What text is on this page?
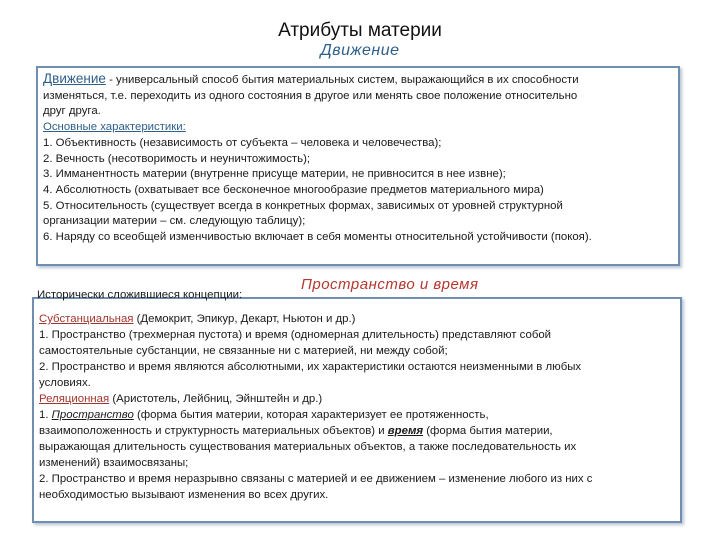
Атрибуты материи
Движение
Движение - универсальный способ бытия материальных систем, выражающийся в их способности
изменяться, т.е. переходить из одного состояния в другое или менять свое положение относительно
друг друга.
Основные характеристики:
1. Объективность (независимость от субъекта – человека и человечества);
2. Вечность (несотворимость и неуничтожимость);
3. Имманентность материи (внутренне присуще материи, не привносится в нее извне);
4. Абсолютность (охватывает все бесконечное многообразие предметов материального мира)
5. Относительность (существует всегда в конкретных формах, зависимых от уровней структурной
организации материи – см. следующую таблицу);
6. Наряду со всеобщей изменчивостью включает в себя моменты относительной устойчивости (покоя).
Субстанциальная (Демокрит, Эпикур, Декарт, Ньютон и др.)
1. Пространство (трехмерная пустота) и время (одномерная длительность) представляют собой
самостоятельные субстанции, не связанные ни с материей, ни между собой;
2. Пространство и время являются абсолютными, их характеристики остаются неизменными в любых
условиях.
Реляционная (Аристотель, Лейбниц, Эйнштейн и др.)
1. Пространство (форма бытия материи, которая характеризует ее протяженность,
взаимоположенность и структурность материальных объектов) и время (форма бытия материи,
выражающая длительность существования материальных объектов, а также последовательность их
изменений) взаимосвязаны;
2. Пространство и время неразрывно связаны с материей и ее движением – изменение любого из них с
необходимостью вызывают изменения во всех других.
Исторически сложившиеся концепции:
Пространство и время
